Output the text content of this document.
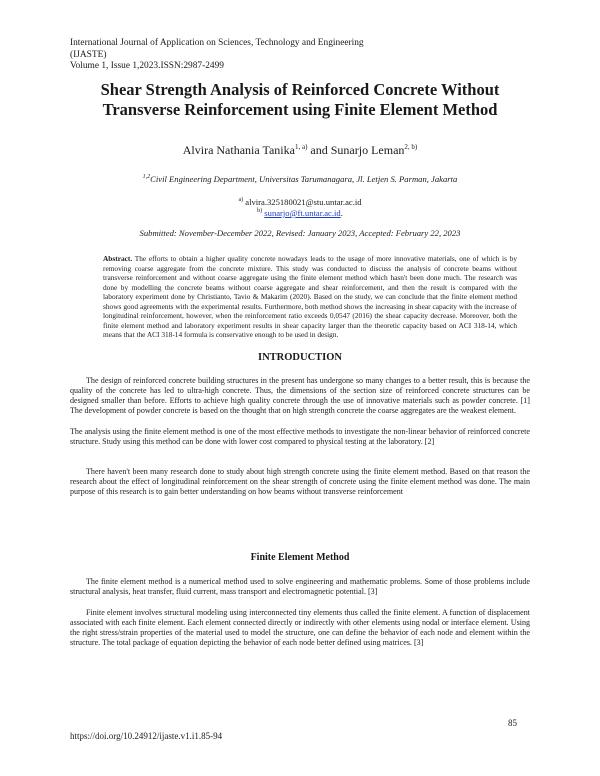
International Journal of Application on Sciences, Technology and Engineering
(IJASTE)
Volume 1, Issue 1,2023.ISSN:2987-2499
Shear Strength Analysis of Reinforced Concrete Without
Transverse Reinforcement using Finite Element Method
Alvira Nathania Tanika$^{1, a)}$ and Sunarjo Leman$^{2, b)}$
$^{1,2}$Civil Engineering Department, Universitas Tarumanagara, Jl. Letjen S. Parman, Jakarta
$^{a)}$ alvira.325180021@stu.untar.ac.id
$^{b)}$ sunarjo@ft.untar.ac.id.
Submitted: November-December 2022, Revised: January 2023, Accepted: February 22, 2023
Abstract. The efforts to obtain a higher quality concrete nowadays leads to the usage of more innovative materials, one of which is by removing coarse aggregate from the concrete mixture. This study was conducted to discuss the analysis of concrete beams without transverse reinforcement and without coarse aggregate using the finite element method which hasn't been done much. The research was done by modelling the concrete beams without coarse aggregate and shear reinforcement, and then the result is compared with the laboratory experiment done by Christianto, Tavio & Makarim (2020). Based on the study, we can conclude that the finite element method shows good agreements with the experimental results. Furthermore, both method shows the increasing in shear capacity with the increase of longitudinal reinforcement, however, when the reinforcement ratio exceeds 0,0547 (2016) the shear capacity decrease. Moreover, both the finite element method and laboratory experiment results in shear capacity larger than the theoretic capacity based on ACI 318-14, which means that the ACI 318-14 formula is conservative enough to be used in design.
INTRODUCTION
The design of reinforced concrete building structures in the present has undergone so many changes to a better result, this is because the quality of the concrete has led to ultra-high concrete. Thus, the dimensions of the section size of reinforced concrete structures can be designed smaller than before. Efforts to achieve high quality concrete through the use of innovative materials such as powder concrete. [1] The development of powder concrete is based on the thought that on high strength concrete the coarse aggregates are the weakest element.
The analysis using the finite element method is one of the most effective methods to investigate the non-linear behavior of reinforced concrete structure. Study using this method can be done with lower cost compared to physical testing at the laboratory. [2]
There haven't been many research done to study about high strength concrete using the finite element method. Based on that reason the research about the effect of longitudinal reinforcement on the shear strength of concrete using the finite element method was done. The main purpose of this research is to gain better understanding on how beams without transverse reinforcement
Finite Element Method
The finite element method is a numerical method used to solve engineering and mathematic problems. Some of those problems include structural analysis, heat transfer, fluid current, mass transport and electromagnetic potential. [3]
Finite element involves structural modeling using interconnected tiny elements thus called the finite element. A function of displacement associated with each finite element. Each element connected directly or indirectly with other elements using nodal or interface element. Using the right stress/strain properties of the material used to model the structure, one can define the behavior of each node and element within the structure. The total package of equation depicting the behavior of each node better defined using matrices. [3]
85
https://doi.org/10.24912/ijaste.v1.i1.85-94
